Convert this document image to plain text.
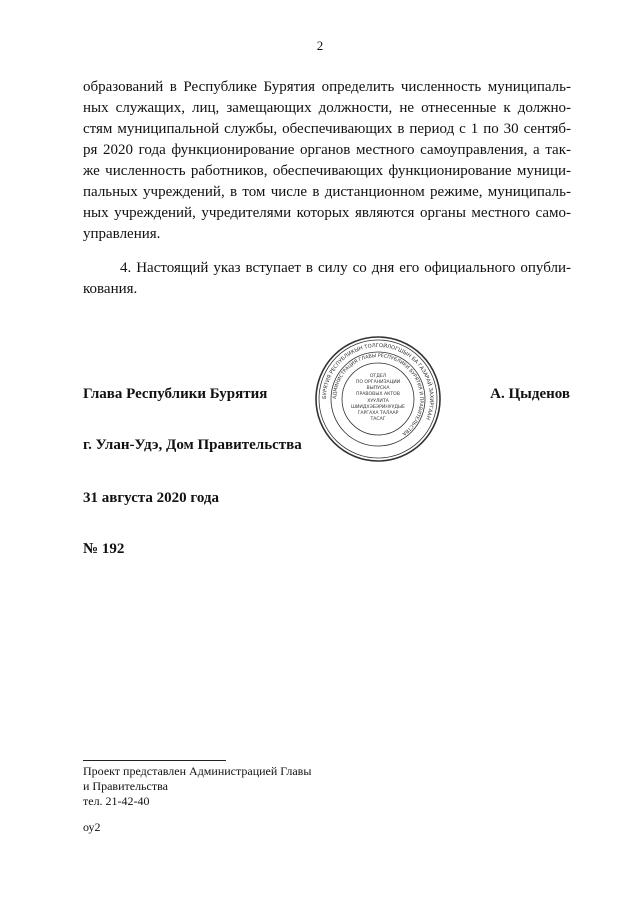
2
образований в Республике Бурятия определить численность муниципаль-
ных служащих, лиц, замещающих должности, не отнесенные к должно-
стям муниципальной службы, обеспечивающих в период с 1 по 30 сентяб-
ря 2020 года функционирование органов местного самоуправления, а так-
же численность работников, обеспечивающих функционирование муници-
пальных учреждений, в том числе в дистанционном режиме, муниципаль-
ных учреждений, учредителями которых являются органы местного само-
управления.
4. Настоящий указ вступает в силу со дня его официального опубли-
кования.
Глава Республики Бурятия	А. Цыденов
БУРЯТИЯ РЕСПУБЛИКЫН ТОЛГОЙЛОГШЫН БА ГАЗАРАЙ ЗАХИРГААН
АДМИНИСТРАЦИЯ ГЛАВЫ РЕСПУБЛИКИ БУРЯТИЯ И ПРАВИТЕЛЬСТВА
ОТДЕЛ
ПО ОРГАНИЗАЦИИ
ВЫПУСКА
ПРАВОВЫХ АКТОВ
ХУУЛИТА
ШИИДХЭБЭРИНУУДЫЕ
ГАРГАХА ТАЛААР
ТАСАГ
г. Улан-Удэ, Дом Правительства
31 августа 2020 года
№ 192
Проект представлен Администрацией Главы
и Правительства
тел. 21-42-40
оу2
